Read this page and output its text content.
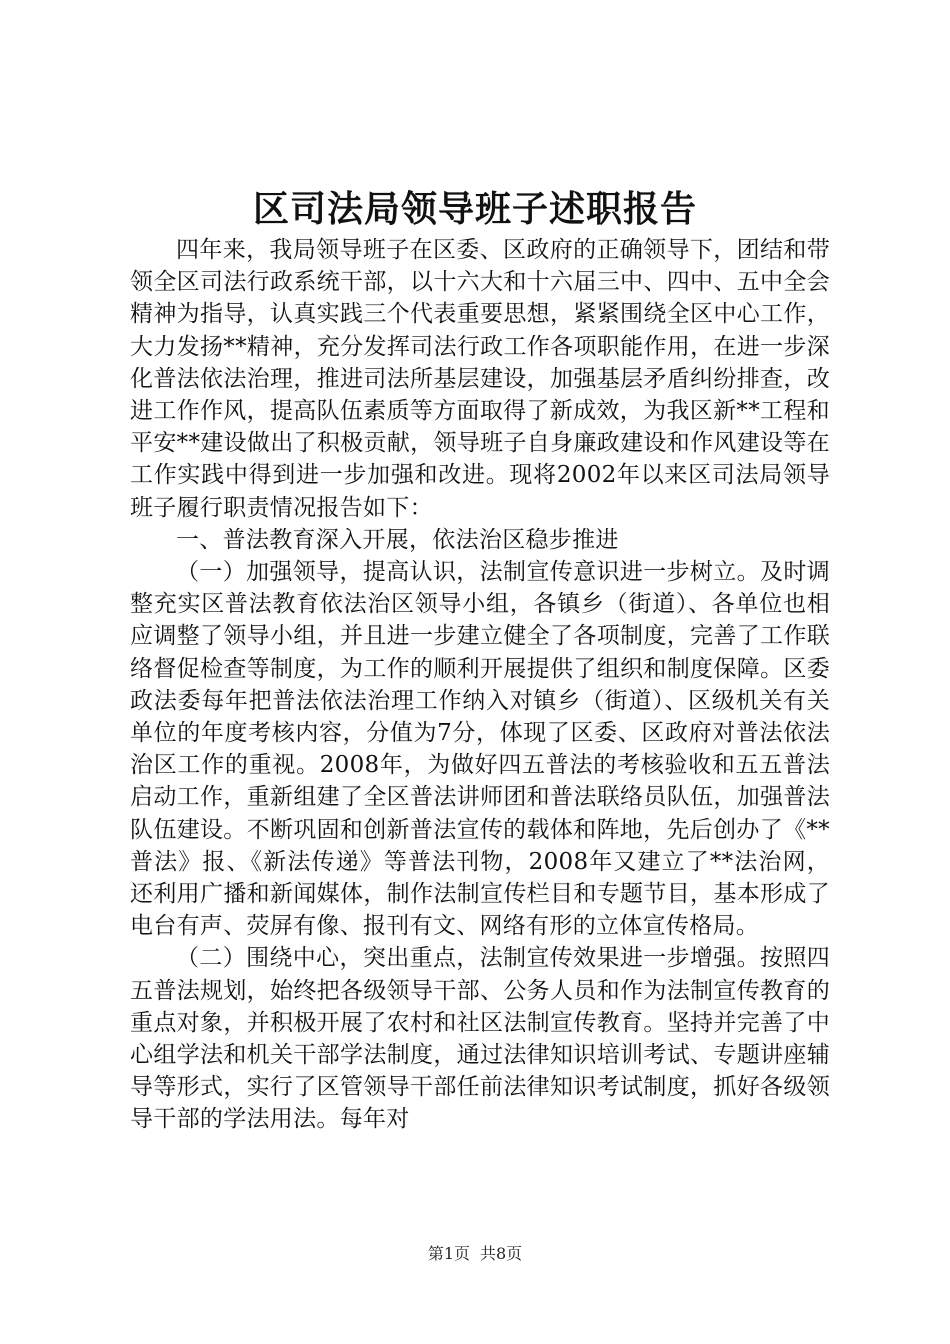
区司法局领导班子述职报告

四年来，我局领导班子在区委、区政府的正确领导下，团结和带领全区司法行政系统干部，以十六大和十六届三中、四中、五中全会精神为指导，认真实践三个代表重要思想，紧紧围绕全区中心工作，大力发扬**精神，充分发挥司法行政工作各项职能作用，在进一步深化普法依法治理，推进司法所基层建设，加强基层矛盾纠纷排查，改进工作作风，提高队伍素质等方面取得了新成效，为我区新**工程和平安**建设做出了积极贡献，领导班子自身廉政建设和作风建设等在工作实践中得到进一步加强和改进。现将2002年以来区司法局领导班子履行职责情况报告如下：

一、普法教育深入开展，依法治区稳步推进

（一）加强领导，提高认识，法制宣传意识进一步树立。及时调整充实区普法教育依法治区领导小组，各镇乡（街道）、各单位也相应调整了领导小组，并且进一步建立健全了各项制度，完善了工作联络督促检查等制度，为工作的顺利开展提供了组织和制度保障。区委政法委每年把普法依法治理工作纳入对镇乡（街道）、区级机关有关单位的年度考核内容，分值为7分，体现了区委、区政府对普法依法治区工作的重视。2008年，为做好四五普法的考核验收和五五普法启动工作，重新组建了全区普法讲师团和普法联络员队伍，加强普法队伍建设。不断巩固和创新普法宣传的载体和阵地，先后创办了《**普法》报、《新法传递》等普法刊物，2008年又建立了**法治网，还利用广播和新闻媒体，制作法制宣传栏目和专题节目，基本形成了电台有声、荧屏有像、报刊有文、网络有形的立体宣传格局。

（二）围绕中心，突出重点，法制宣传效果进一步增强。按照四五普法规划，始终把各级领导干部、公务人员和作为法制宣传教育的重点对象，并积极开展了农村和社区法制宣传教育。坚持并完善了中心组学法和机关干部学法制度，通过法律知识培训考试、专题讲座辅导等形式，实行了区管领导干部任前法律知识考试制度，抓好各级领导干部的学法用法。每年对

第1页 共8页
